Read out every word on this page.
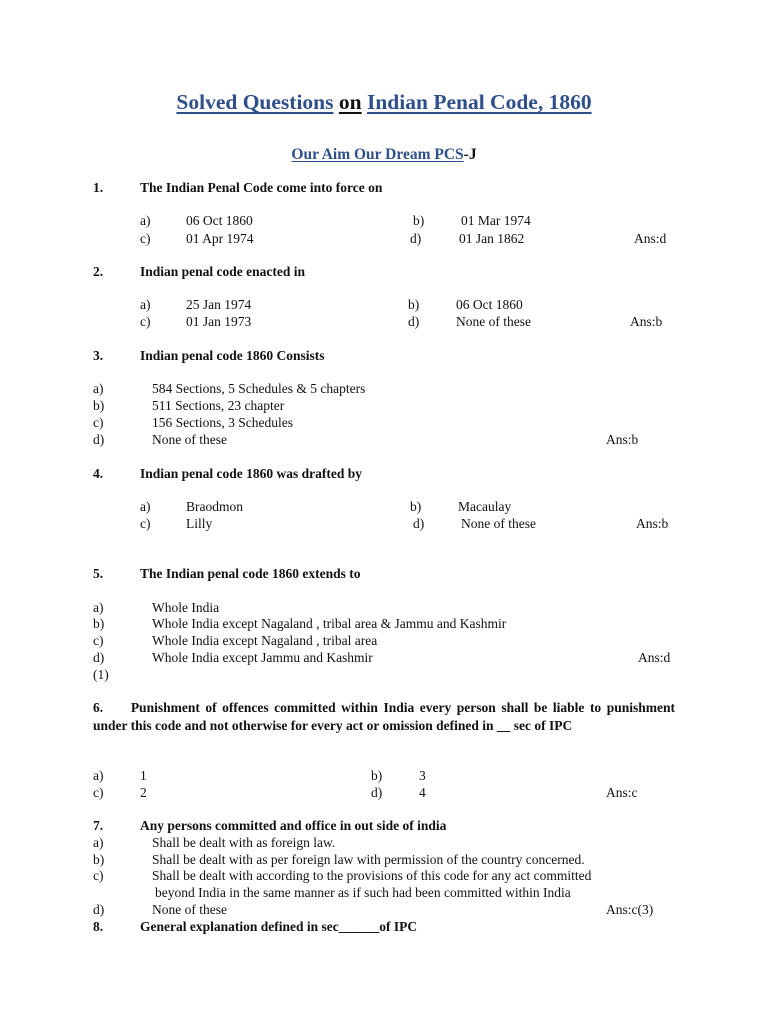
Solved Questions on Indian Penal Code, 1860
Our Aim Our Dream PCS-J
1.	The Indian Penal Code come into force on
a)	06 Oct 1860	b)	01 Mar 1974
c)	01 Apr 1974	d)	01 Jan 1862	Ans:d
2.	Indian penal code enacted in
a)	25 Jan 1974	b)	06 Oct 1860
c)	01 Jan 1973	d)	None of these	Ans:b
3.	Indian penal code 1860 Consists
a)	584 Sections, 5 Schedules & 5 chapters
b)	511 Sections, 23 chapter
c)	156 Sections, 3 Schedules
d)	None of these	Ans:b
4.	Indian penal code 1860 was drafted by
a)	Braodmon	b)	Macaulay
c)	Lilly	d)	None of these	Ans:b
5.	The Indian penal code 1860 extends to
a)	Whole India
b)	Whole India except Nagaland , tribal area & Jammu and Kashmir
c)	Whole India except Nagaland , tribal area
d)	Whole India except Jammu and Kashmir	Ans:d
(1)
6. Punishment of offences committed within India every person shall be liable to punishment under this code and not otherwise for every act or omission defined in __ sec of IPC
a)	1	b)	3
c)	2	d)	4	Ans:c
7.	Any persons committed and office in out side of india
a)	Shall be dealt with as foreign law.
b)	Shall be dealt with as per foreign law with permission of the country concerned.
c)	Shall be dealt with according to the provisions of this code for any act committed
beyond India in the same manner as if such had been committed within India
d)	None of these	Ans:c(3)
8.	General explanation defined in sec______of IPC
